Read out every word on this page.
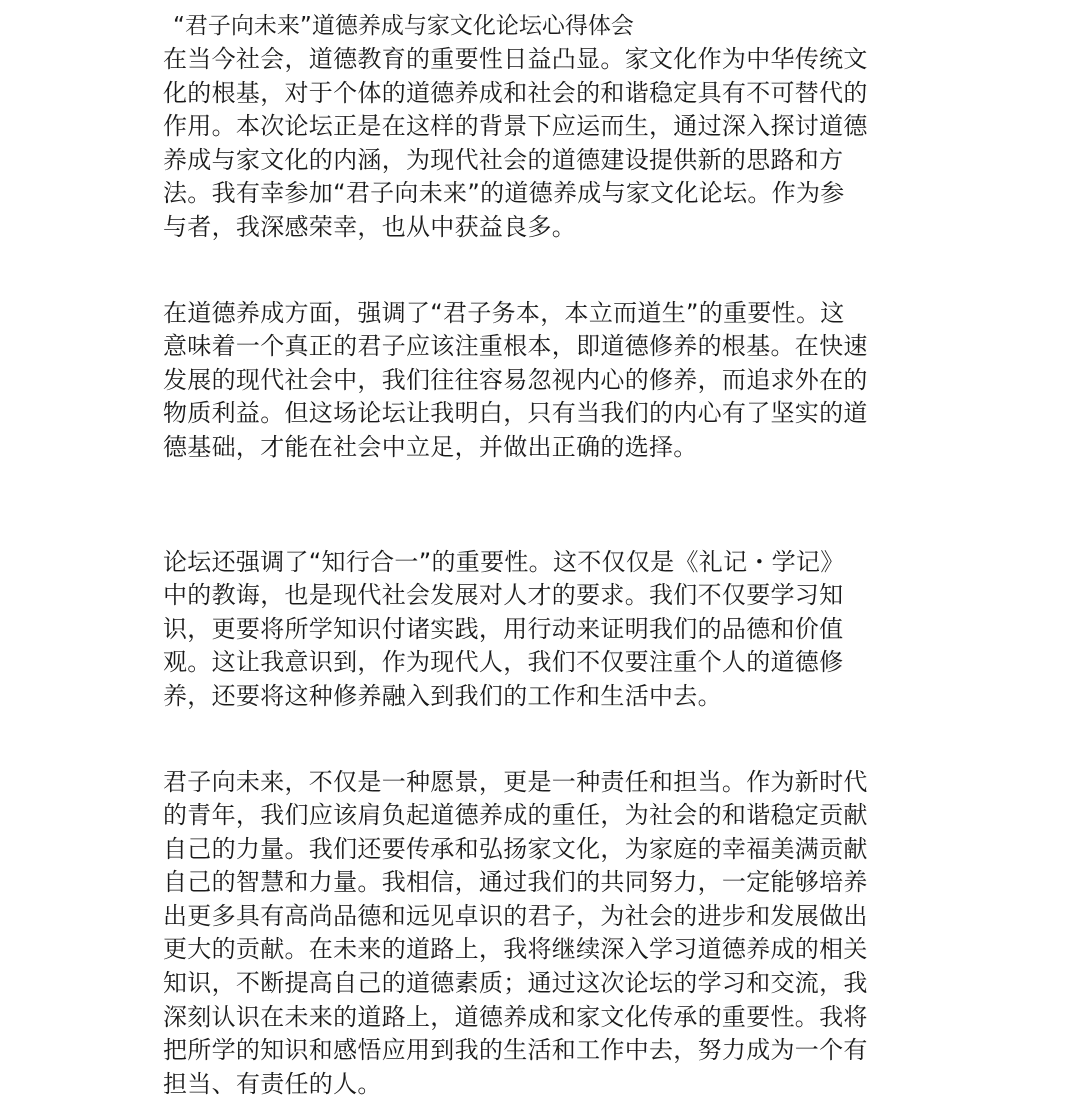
“君子向未来”道德养成与家文化论坛心得体会
在当今社会，道德教育的重要性日益凸显。家文化作为中华传统文
化的根基，对于个体的道德养成和社会的和谐稳定具有不可替代的
作用。本次论坛正是在这样的背景下应运而生，通过深入探讨道德
养成与家文化的内涵，为现代社会的道德建设提供新的思路和方
法。我有幸参加“君子向未来”的道德养成与家文化论坛。作为参
与者，我深感荣幸，也从中获益良多。
在道德养成方面，强调了“君子务本，本立而道生”的重要性。这
意味着一个真正的君子应该注重根本，即道德修养的根基。在快速
发展的现代社会中，我们往往容易忽视内心的修养，而追求外在的
物质利益。但这场论坛让我明白，只有当我们的内心有了坚实的道
德基础，才能在社会中立足，并做出正确的选择。
论坛还强调了“知行合一”的重要性。这不仅仅是《礼记・学记》
中的教诲，也是现代社会发展对人才的要求。我们不仅要学习知
识，更要将所学知识付诸实践，用行动来证明我们的品德和价值
观。这让我意识到，作为现代人，我们不仅要注重个人的道德修
养，还要将这种修养融入到我们的工作和生活中去。
君子向未来，不仅是一种愿景，更是一种责任和担当。作为新时代
的青年，我们应该肩负起道德养成的重任，为社会的和谐稳定贡献
自己的力量。我们还要传承和弘扬家文化，为家庭的幸福美满贡献
自己的智慧和力量。我相信，通过我们的共同努力，一定能够培养
出更多具有高尚品德和远见卓识的君子，为社会的进步和发展做出
更大的贡献。在未来的道路上，我将继续深入学习道德养成的相关
知识，不断提高自己的道德素质；通过这次论坛的学习和交流，我
深刻认识在未来的道路上，道德养成和家文化传承的重要性。我将
把所学的知识和感悟应用到我的生活和工作中去，努力成为一个有
担当、有责任的人。
